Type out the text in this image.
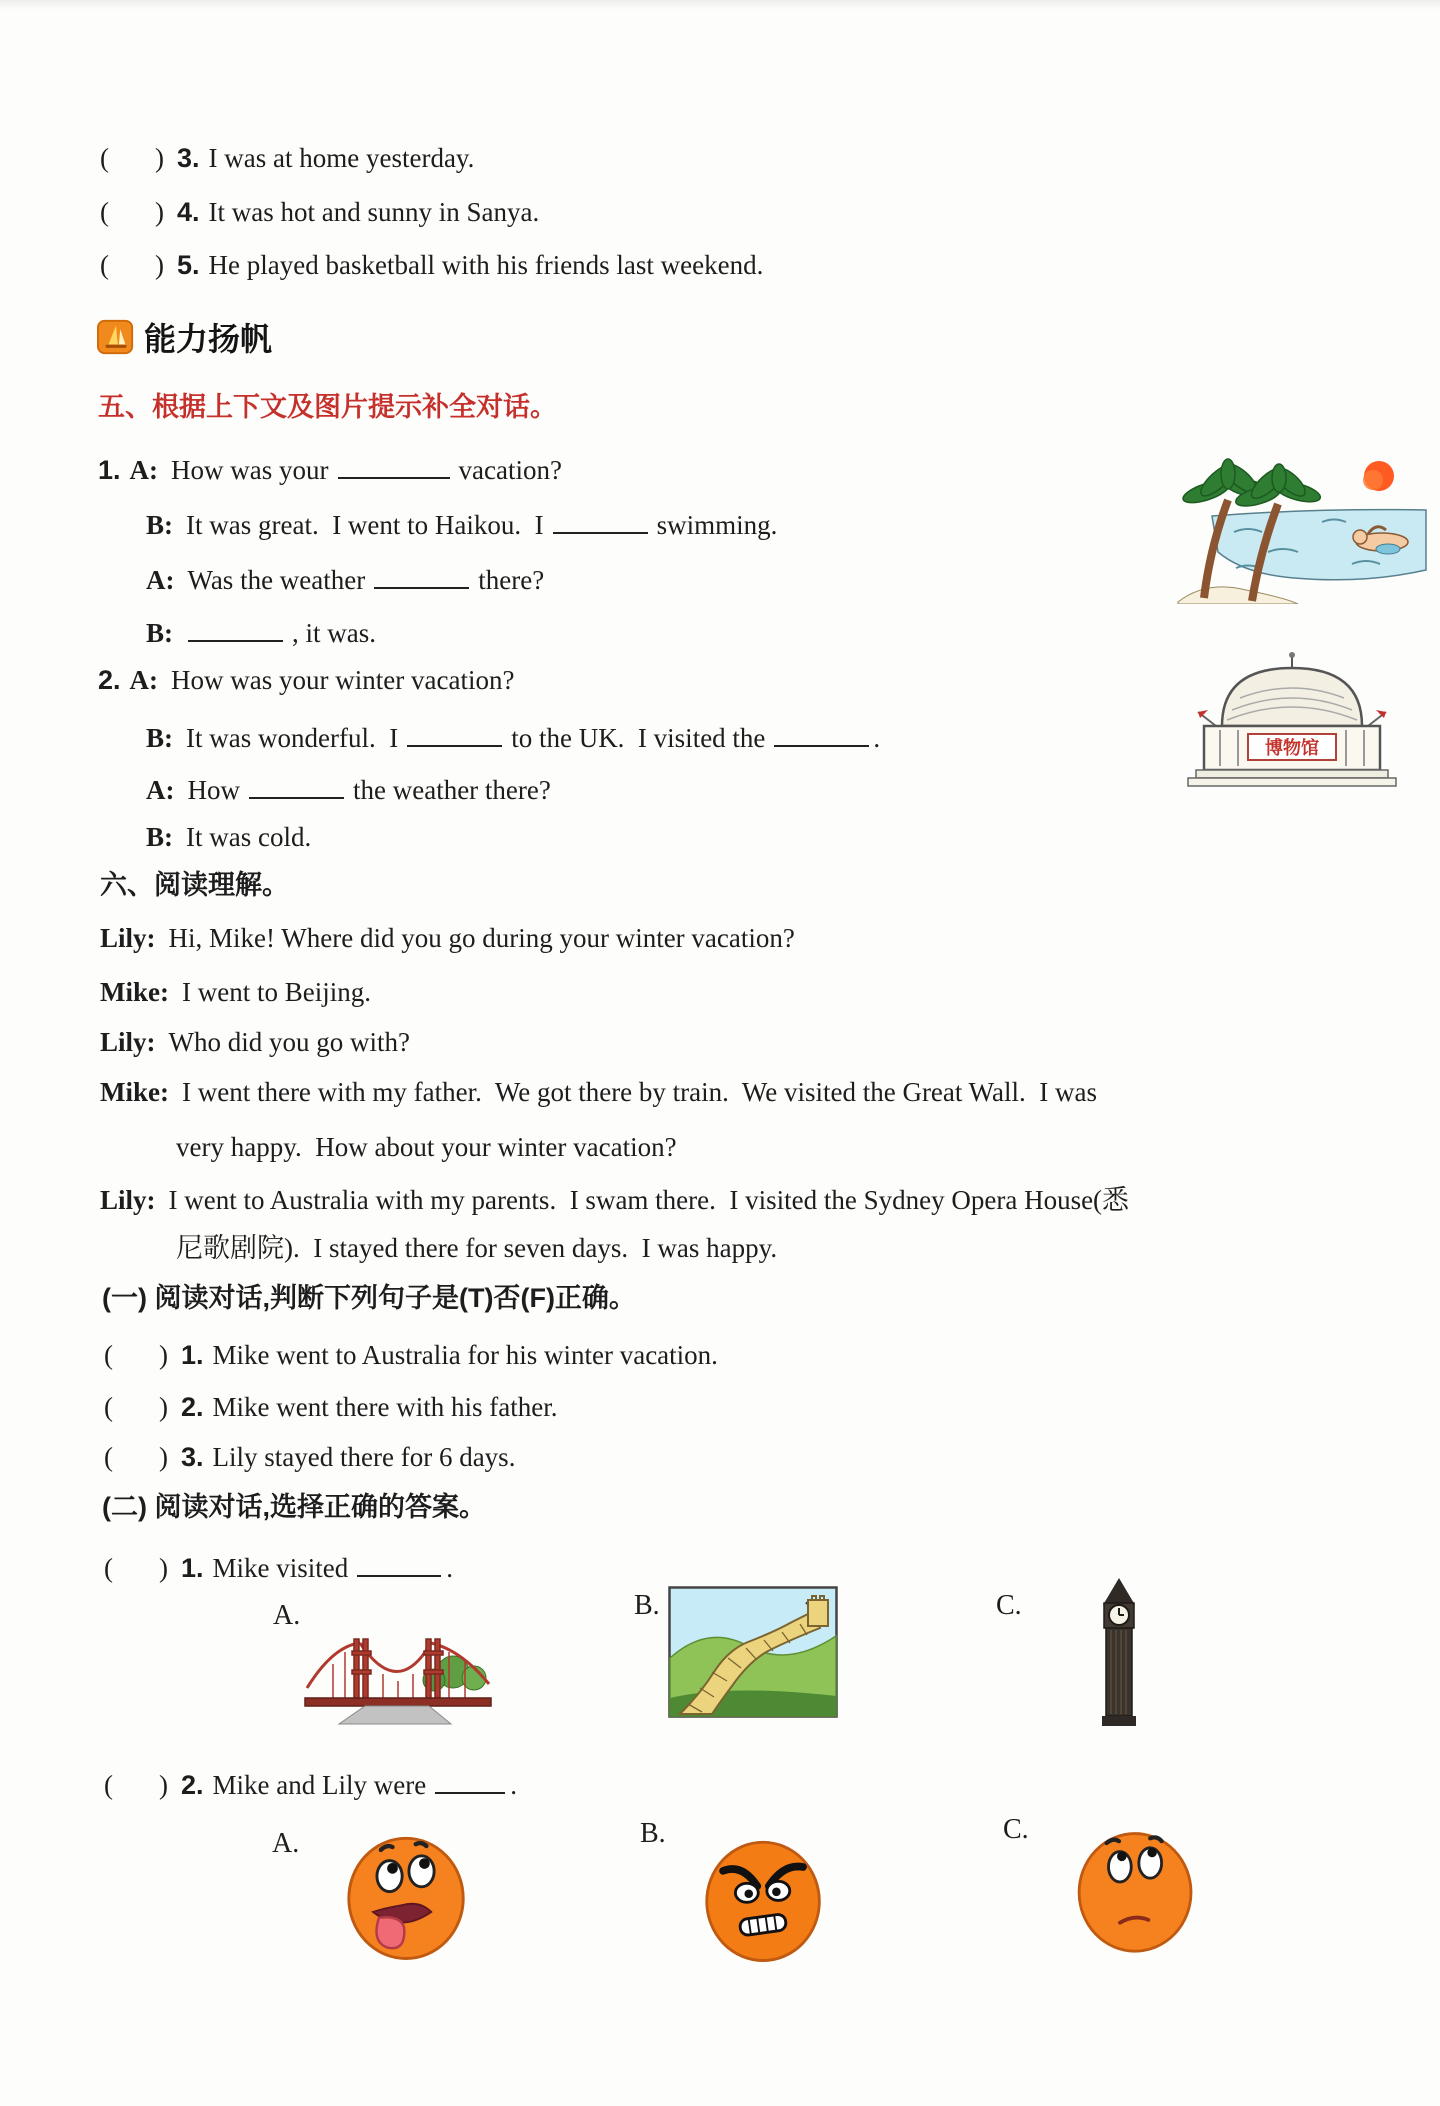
( ) 3. I was at home yesterday.
( ) 4. It was hot and sunny in Sanya.
( ) 5. He played basketball with his friends last weekend.
能力扬帆
五、根据上下文及图片提示补全对话。
1. A: How was your	vacation?
B: It was great.  I went to Haikou.  I	swimming.
A: Was the weather	there?
B:	, it was.
2. A: How was your winter vacation?
B: It was wonderful.  I	to the UK.  I visited the	.
A: How	the weather there?
B: It was cold.
博物馆
六、阅读理解。
Lily: Hi, Mike! Where did you go during your winter vacation?
Mike: I went to Beijing.
Lily: Who did you go with?
Mike: I went there with my father.  We got there by train.  We visited the Great Wall.  I was
very happy.  How about your winter vacation?
Lily: I went to Australia with my parents.  I swam there.  I visited the Sydney Opera House(悉
尼歌剧院).  I stayed there for seven days.  I was happy.
(一) 阅读对话,判断下列句子是(T)否(F)正确。
( ) 1. Mike went to Australia for his winter vacation.
( ) 2. Mike went there with his father.
( ) 3. Lily stayed there for 6 days.
(二) 阅读对话,选择正确的答案。
( ) 1. Mike visited	.
A.	B.	C.
( ) 2. Mike and Lily were	.
A.	B.	C.
